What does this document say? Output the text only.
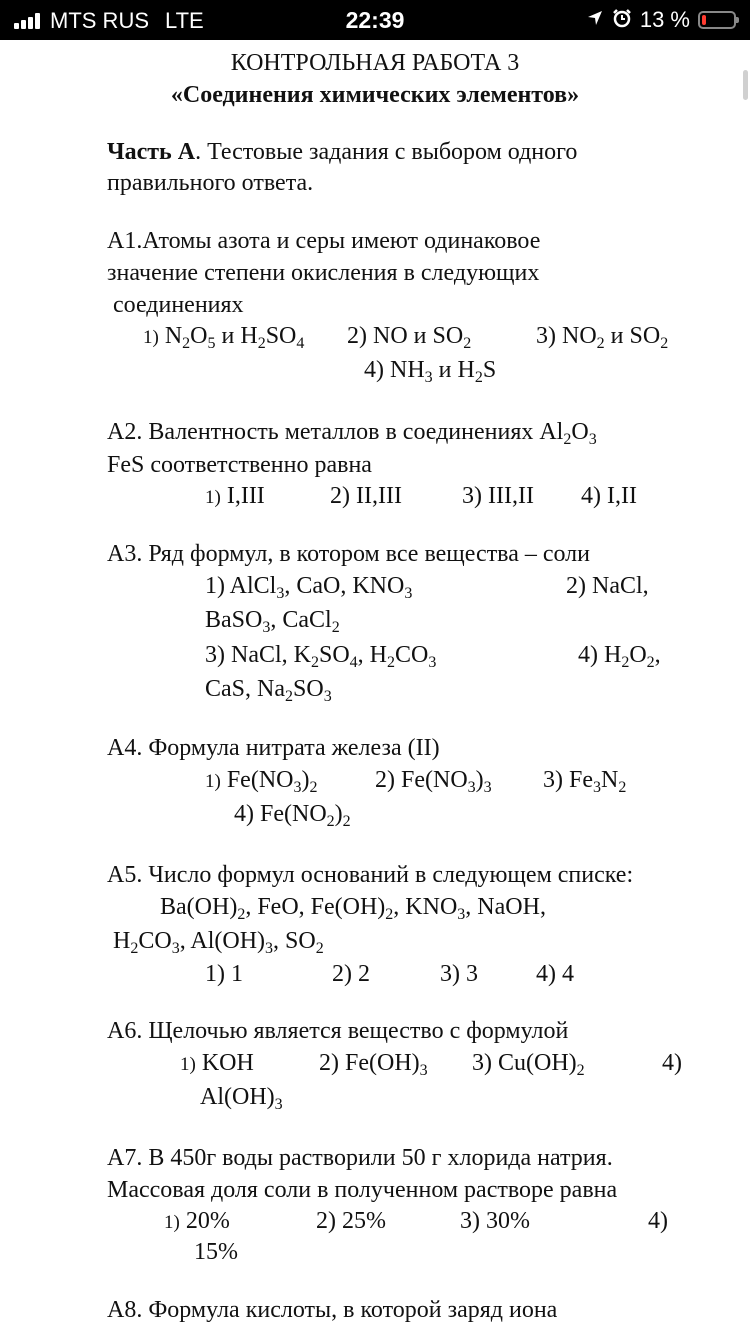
MTS RUS LTE	22:39	13 %
КОНТРОЛЬНАЯ РАБОТА 3
«Соединения химических элементов»
Часть А. Тестовые задания с выбором одного
правильного ответа.
А1.Атомы азота и серы имеют одинаковое
значение степени окисления в следующих
соединениях
1) $N_2O_5$ и $H_2SO_4$ 2) NO и $SO_2$	3) $NO_2$ и $SO_2$
4) $NH_3$ и $H_2S$
А2. Валентность металлов в соединениях $Al_2O_3$
FeS соответственно равна
1) I,III	2) II,III	3) III,II 4) I,II
А3. Ряд формул, в котором все вещества – соли
1) AlCl$_3$, CaO, $KNO_3$	2) NaCl,
BaSO$_3$, CaCl$_2$
3) NaCl, $K_2SO_4$, $H_2CO_3$	4) $H_2O_2$,
CaS, $Na_2SO_3$
А4. Формула нитрата железа (II)
1) $Fe(NO_3)_2$ 2) $Fe(NO_3)_3$ 3) $Fe_3N_2$
4) $Fe(NO_2)_2$
А5. Число формул оснований в следующем списке:
$Ba(OH)_2$, FeO, $Fe(OH)_2$, $KNO_3$, NaOH,
$H_2CO_3$, $Al(OH)_3$, $SO_2$
1) 1	2) 2	3) 3 4) 4
А6. Щелочью является вещество с формулой
1) KOH	2) $Fe(OH)_3$ 3) $Cu(OH)_2$	4)
$Al(OH)_3$
А7. В 450г воды растворили 50 г хлорида натрия.
Массовая доля соли в полученном растворе равна
1) 20%	2) 25%	3) 30%	4)
15%
А8. Формула кислоты, в которой заряд иона
